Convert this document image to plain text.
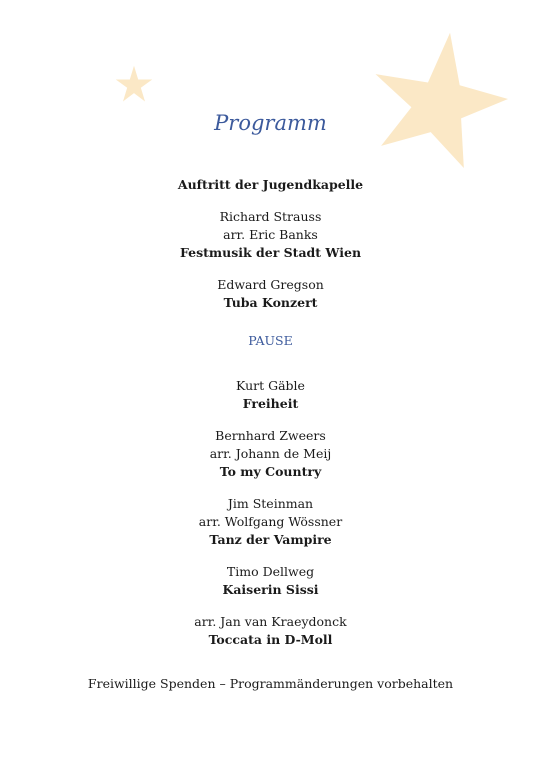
Programm
Auftritt der Jugendkapelle
Richard Strauss
arr. Eric Banks
Festmusik der Stadt Wien
Edward Gregson
Tuba Konzert
PAUSE
Kurt Gäble
Freiheit
Bernhard Zweers
arr. Johann de Meij
To my Country
Jim Steinman
arr. Wolfgang Wössner
Tanz der Vampire
Timo Dellweg
Kaiserin Sissi
arr. Jan van Kraeydonck
Toccata in D-Moll
Freiwillige Spenden – Programmänderungen vorbehalten
